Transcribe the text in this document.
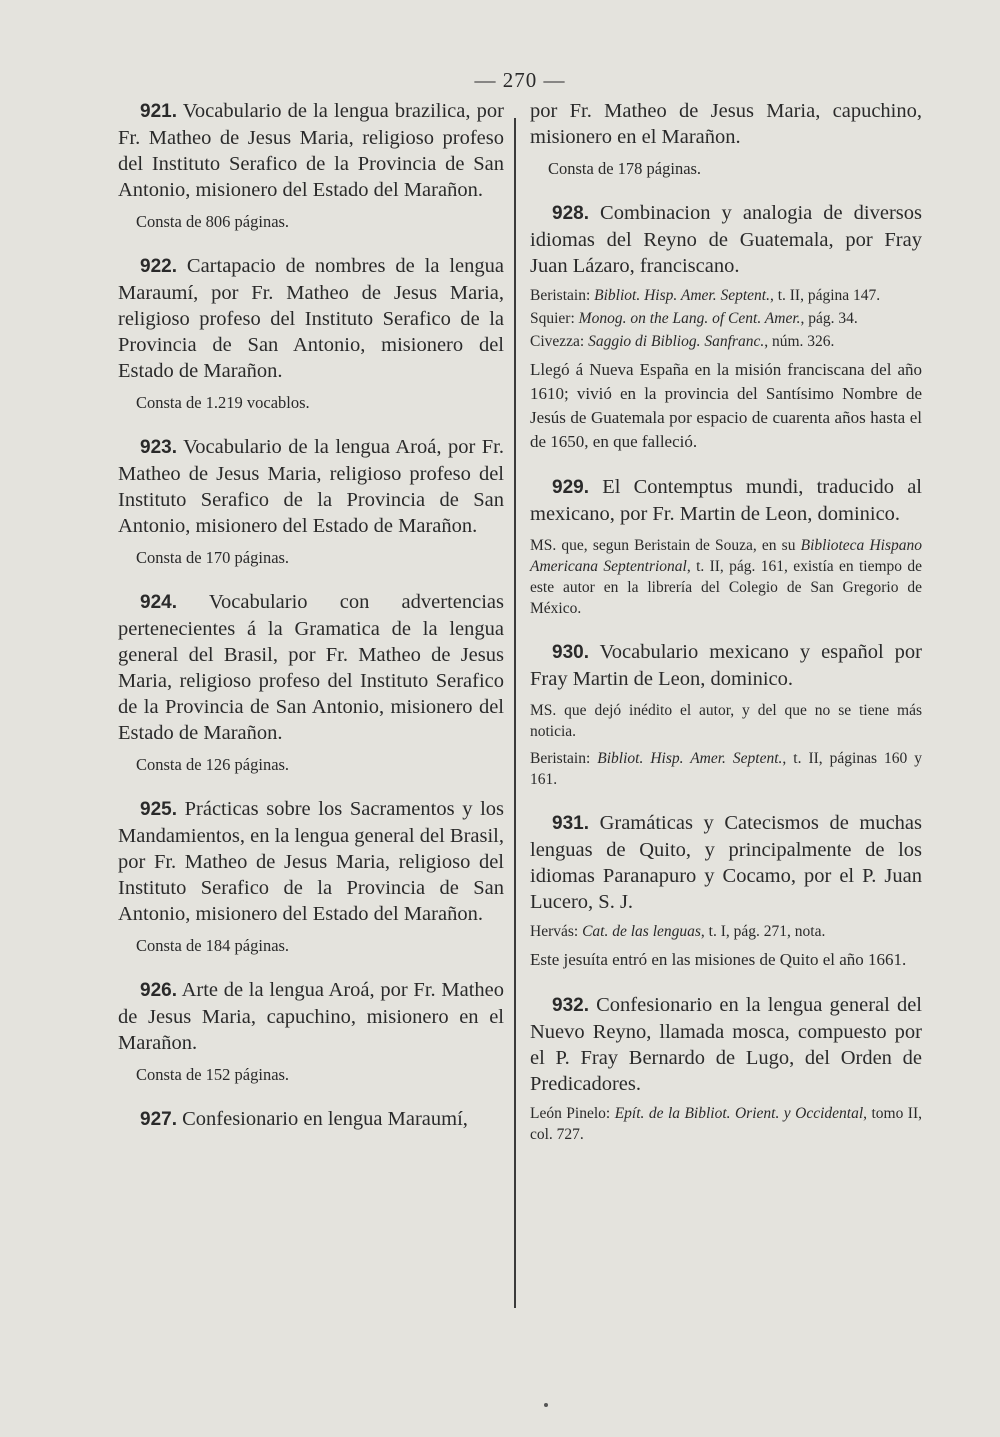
— 270 —

921. Vocabulario de la lengua brazilica, por Fr. Matheo de Jesus Maria, religioso profeso del Instituto Serafico de la Provincia de San Antonio, misionero del Estado del Marañon.

Consta de 806 páginas.

922. Cartapacio de nombres de la lengua Maraumí, por Fr. Matheo de Jesus Maria, religioso profeso del Instituto Serafico de la Provincia de San Antonio, misionero del Estado de Marañon.

Consta de 1.219 vocablos.

923. Vocabulario de la lengua Aroá, por Fr. Matheo de Jesus Maria, religioso profeso del Instituto Serafico de la Provincia de San Antonio, misionero del Estado de Marañon.

Consta de 170 páginas.

924. Vocabulario con advertencias pertenecientes á la Gramatica de la lengua general del Brasil, por Fr. Matheo de Jesus Maria, religioso profeso del Instituto Serafico de la Provincia de San Antonio, misionero del Estado de Marañon.

Consta de 126 páginas.

925. Prácticas sobre los Sacramentos y los Mandamientos, en la lengua general del Brasil, por Fr. Matheo de Jesus Maria, religioso del Instituto Serafico de la Provincia de San Antonio, misionero del Estado del Marañon.

Consta de 184 páginas.

926. Arte de la lengua Aroá, por Fr. Matheo de Jesus Maria, capuchino, misionero en el Marañon.

Consta de 152 páginas.

927. Confesionario en lengua Maraumí,

por Fr. Matheo de Jesus Maria, capuchino, misionero en el Marañon.

Consta de 178 páginas.

928. Combinacion y analogia de diversos idiomas del Reyno de Guatemala, por Fray Juan Lázaro, franciscano.

Beristain: Bibliot. Hisp. Amer. Septent., t. II, página 147.

Squier: Monog. on the Lang. of Cent. Amer., pág. 34.

Civezza: Saggio di Bibliog. Sanfranc., núm. 326.

Llegó á Nueva España en la misión franciscana del año 1610; vivió en la provincia del Santísimo Nombre de Jesús de Guatemala por espacio de cuarenta años hasta el de 1650, en que falleció.

929. El Contemptus mundi, traducido al mexicano, por Fr. Martin de Leon, dominico.

MS. que, segun Beristain de Souza, en su Biblioteca Hispano Americana Septentrional, t. II, pág. 161, existía en tiempo de este autor en la librería del Colegio de San Gregorio de México.

930. Vocabulario mexicano y español por Fray Martin de Leon, dominico.

MS. que dejó inédito el autor, y del que no se tiene más noticia.

Beristain: Bibliot. Hisp. Amer. Septent., t. II, páginas 160 y 161.

931. Gramáticas y Catecismos de muchas lenguas de Quito, y principalmente de los idiomas Paranapuro y Cocamo, por el P. Juan Lucero, S. J.

Hervás: Cat. de las lenguas, t. I, pág. 271, nota.

Este jesuíta entró en las misiones de Quito el año 1661.

932. Confesionario en la lengua general del Nuevo Reyno, llamada mosca, compuesto por el P. Fray Bernardo de Lugo, del Orden de Predicadores.

León Pinelo: Epít. de la Bibliot. Orient. y Occidental, tomo II, col. 727.
